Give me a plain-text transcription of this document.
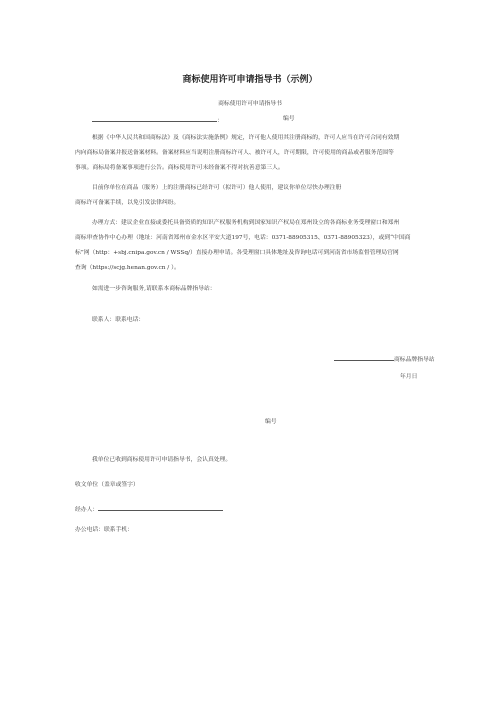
商标使用许可申请指导书（示例）
商标使用许可申请指导书
：	编号
根据《中华人民共和国商标法》及《商标法实施条例》规定，许可他人使用其注册商标的，许可人应当在许可合同有效期
内向商标局备案并报送备案材料。备案材料应当说明注册商标许可人、被许可人，许可期限，许可使用的商品或者服务范围等
事项。商标局将备案事项进行公告。商标使用许可未经备案不得对抗善意第三人。
目前你单位在商品（服务）上的注册商标已经许可（拟许可）他人使用，建议你单位尽快办理注册
商标许可备案手续，以免引发法律纠纷。
办理方式：建议企业直接或委托具备资质的知识产权服务机构到国家知识产权局在郑州设立的各商标业务受理窗口和郑州
商标审查协作中心办理（地址：河南省郑州市金水区平安大道197号，电话：0371-88905315、0371-88905323），或到“中国商
标”网（http：+sbj.cnipa.gov.cn / WSSq/）直接办理申请。各受理窗口具体地址及咨询电话可到河南省市场监督管理局官网
查询（https://scjg.henan.gov.cn / ）。
如需进一步咨询服务,请联系本商标品牌指导站：
联系人：联系电话：
商标品牌指导站
年月日
编号
我单位已收到商标使用许可申请指导书，会认真处理。
收文单位（盖章或签字）
经办人：
办公电话：联系手机：
